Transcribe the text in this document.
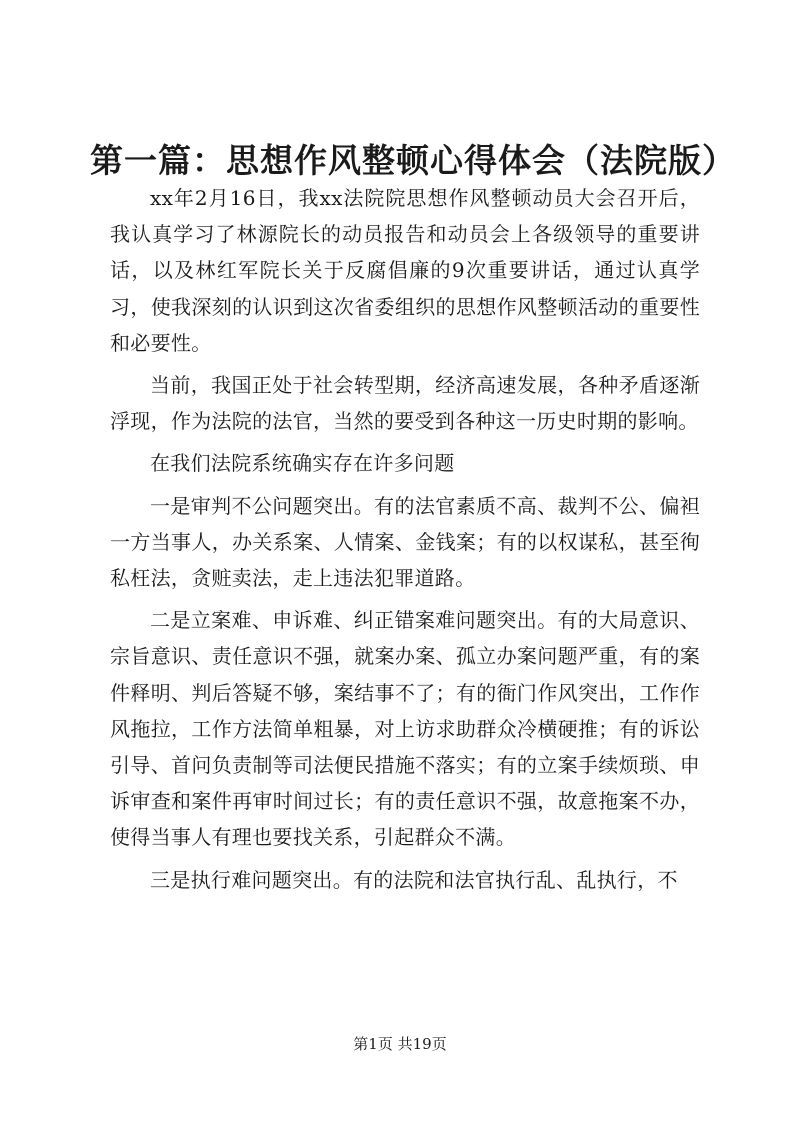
第一篇：思想作风整顿心得体会（法院版）

xx年2月16日，我xx法院院思想作风整顿动员大会召开后，我认真学习了林源院长的动员报告和动员会上各级领导的重要讲话，以及林红军院长关于反腐倡廉的9次重要讲话，通过认真学习，使我深刻的认识到这次省委组织的思想作风整顿活动的重要性和必要性。

当前，我国正处于社会转型期，经济高速发展，各种矛盾逐渐浮现，作为法院的法官，当然的要受到各种这一历史时期的影响。

在我们法院系统确实存在许多问题

一是审判不公问题突出。有的法官素质不高、裁判不公、偏袒一方当事人，办关系案、人情案、金钱案；有的以权谋私，甚至徇私枉法，贪赃卖法，走上违法犯罪道路。

二是立案难、申诉难、纠正错案难问题突出。有的大局意识、宗旨意识、责任意识不强，就案办案、孤立办案问题严重，有的案件释明、判后答疑不够，案结事不了；有的衙门作风突出，工作作风拖拉，工作方法简单粗暴，对上访求助群众冷横硬推；有的诉讼引导、首问负责制等司法便民措施不落实；有的立案手续烦琐、申诉审查和案件再审时间过长；有的责任意识不强，故意拖案不办，使得当事人有理也要找关系，引起群众不满。

三是执行难问题突出。有的法院和法官执行乱、乱执行，不

第1页 共19页
